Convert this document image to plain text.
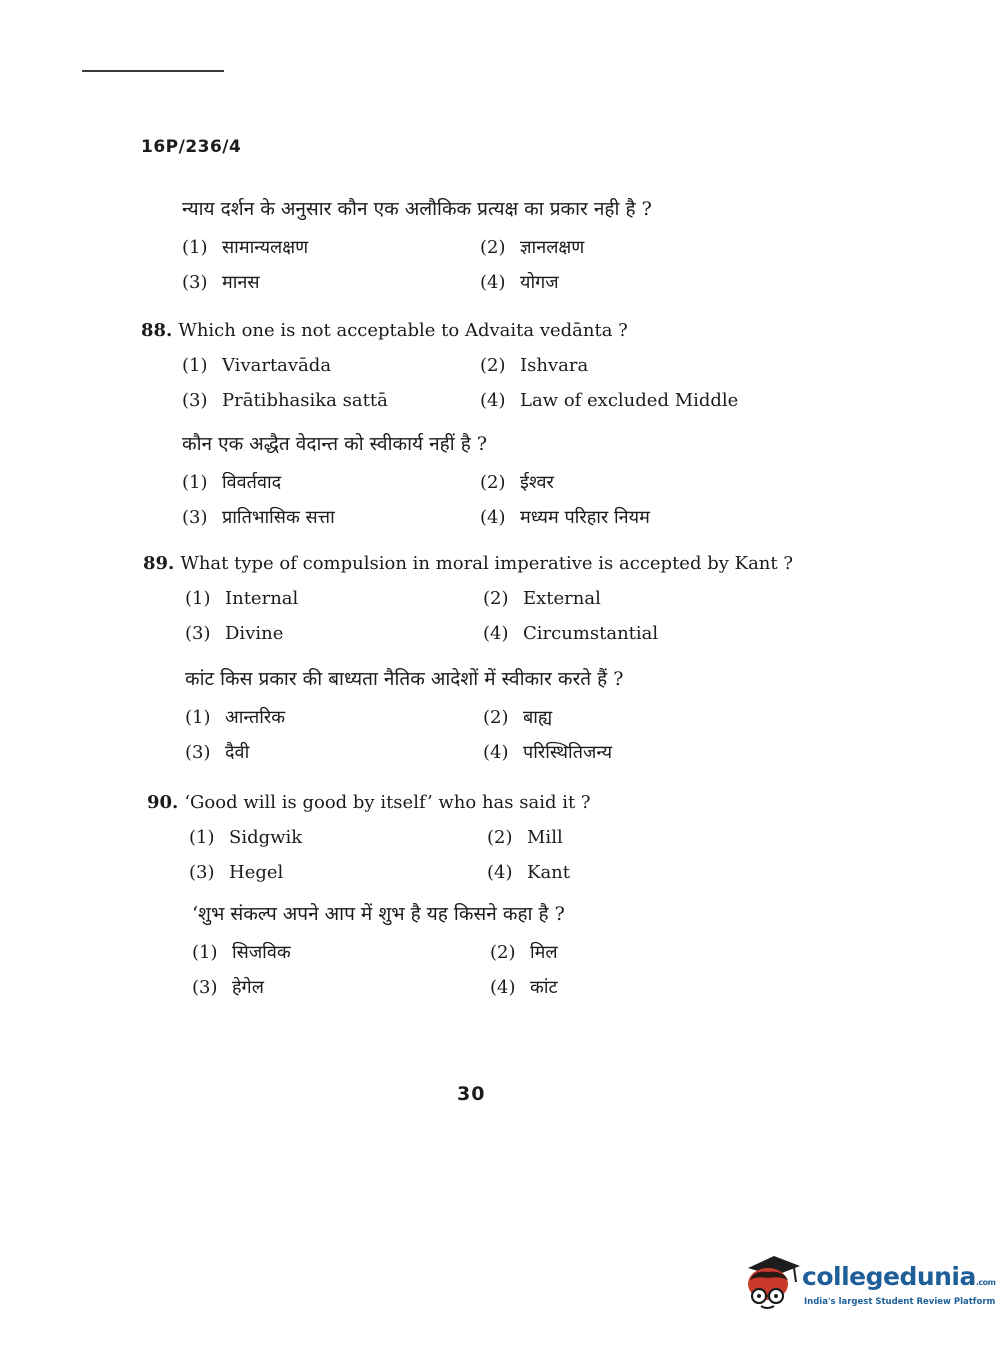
16P/236/4

न्याय दर्शन के अनुसार कौन एक अलौकिक प्रत्यक्ष का प्रकार नही है ?

(1) सामान्यलक्षण	(2) ज्ञानलक्षण
(3) मानस	(4) योगज

88. Which one is not acceptable to Advaita vedānta ?

(1) Vivartavāda	(2) Ishvara
(3) Prātibhasika sattā	(4) Law of excluded Middle

कौन एक अद्धैत वेदान्त को स्वीकार्य नहीं है ?

(1) विवर्तवाद	(2) ईश्वर
(3) प्रातिभासिक सत्ता	(4) मध्यम परिहार नियम

89. What type of compulsion in moral imperative is accepted by Kant ?

(1) Internal	(2) External
(3) Divine	(4) Circumstantial

कांट किस प्रकार की बाध्यता नैतिक आदेशों में स्वीकार करते हैं ?

(1) आन्तरिक	(2) बाह्य
(3) दैवी	(4) परिस्थितिजन्य

90. ‘Good will is good by itself’ who has said it ?

(1) Sidgwik	(2) Mill
(3) Hegel	(4) Kant

‘शुभ संकल्प अपने आप में शुभ है यह किसने कहा है ?

(1) सिजविक	(2) मिल
(3) हेगेल	(4) कांट
30
collegedunia.com
India's largest Student Review Platform
